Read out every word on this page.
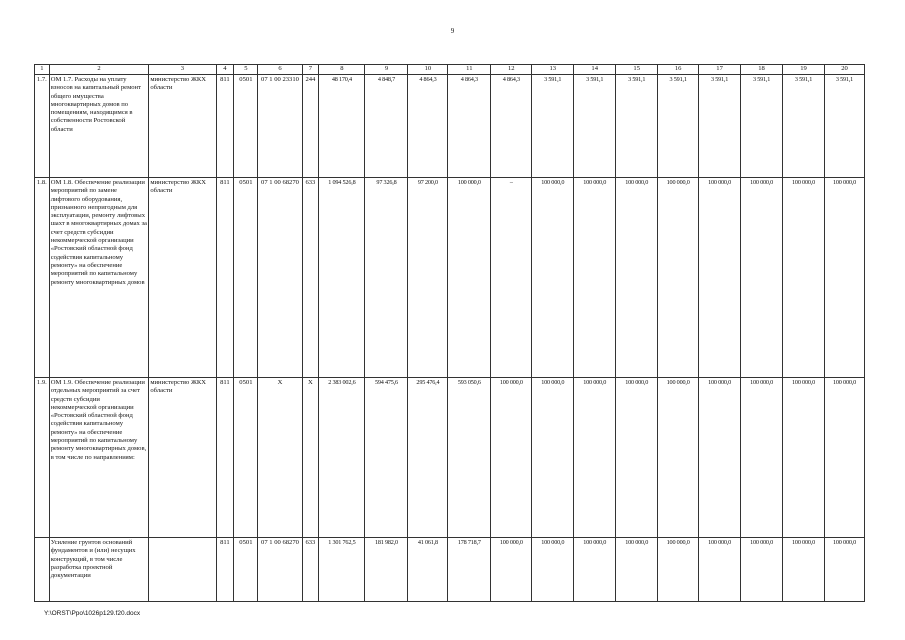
9
1	2	3	4	5	6	7	8	9	10	11	12	13	14	15	16	17	18	19	20
1.7.	ОМ 1.7. Расходы на уплату взносов на капитальный ремонт общего имущества многоквартирных домов по помещениям, находящимся в собственности Ростовской области	министерство ЖКХ области	811	0501	07 1 00 23310	244	48 170,4	4 848,7	4 864,3	4 864,3	4 864,3	3 591,1	3 591,1	3 591,1	3 591,1	3 591,1	3 591,1	3 591,1	3 591,1
1.8.	ОМ 1.8. Обеспечение реализации мероприятий по замене лифтового оборудования, признанного непригодным для эксплуатации, ремонту лифтовых шахт в многоквартирных домах за счет средств субсидии некоммерческой организации «Ростовский областной фонд содействия капитальному ремонту» на обеспечение мероприятий по капитальному ремонту многоквартирных домов	министерство ЖКХ области	811	0501	07 1 00 68270	633	1 094 526,8	97 326,8	97 200,0	100 000,0	–	100 000,0	100 000,0	100 000,0	100 000,0	100 000,0	100 000,0	100 000,0	100 000,0
1.9.	ОМ 1.9. Обеспечение реализации отдельных мероприятий за счет средств субсидии некоммерческой организации «Ростовский областной фонд содействия капитальному ремонту» на обеспечение мероприятий по капитальному ремонту многоквартирных домов, в том числе по направлениям:	министерство ЖКХ области	811	0501	Х	Х	2 383 002,6	594 475,6	295 476,4	593 050,6	100 000,0	100 000,0	100 000,0	100 000,0	100 000,0	100 000,0	100 000,0	100 000,0	100 000,0
	Усиление грунтов оснований фундаментов и (или) несущих конструкций, в том числе разработка проектной документации		811	0501	07 1 00 68270	633	1 301 762,5	181 982,0	41 061,8	178 718,7	100 000,0	100 000,0	100 000,0	100 000,0	100 000,0	100 000,0	100 000,0	100 000,0	100 000,0
Y:\ORST\Ppo\1026p129.f20.docx
